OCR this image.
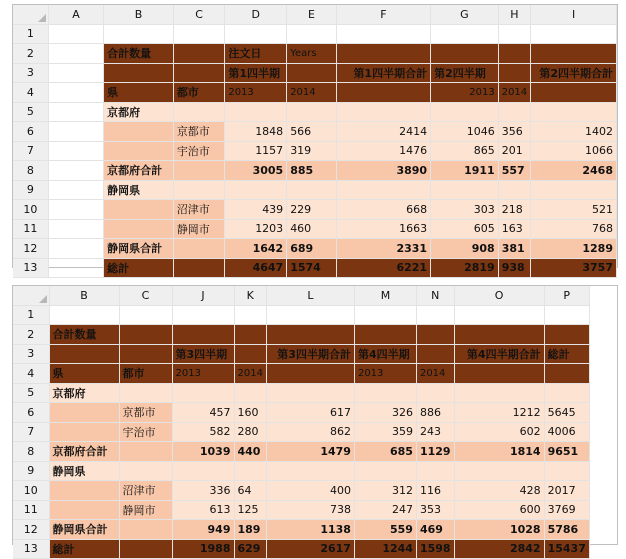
	A	B	C	D	E	F	G	H	I
1									
2		合計数量		注文日	Years				
3				第1四半期		第1四半期合計	第2四半期		第2四半期合計
4		県	都市	2013	2014		2013	2014	
5		京都府							
6			京都市	1848	566	2414	1046	356	1402
7			宇治市	1157	319	1476	865	201	1066
8		京都府合計		3005	885	3890	1911	557	2468
9		静岡県							
10			沼津市	439	229	668	303	218	521
11			静岡市	1203	460	1663	605	163	768
12		静岡県合計		1642	689	2331	908	381	1289
13		総計		4647	1574	6221	2819	938	3757
	B	C	J	K	L	M	N	O	P
1									
2	合計数量								
3			第3四半期		第3四半期合計	第4四半期		第4四半期合計	総計
4	県	都市	2013	2014		2013	2014		
5	京都府								
6		京都市	457	160	617	326	886	1212	5645
7		宇治市	582	280	862	359	243	602	4006
8	京都府合計		1039	440	1479	685	1129	1814	9651
9	静岡県								
10		沼津市	336	64	400	312	116	428	2017
11		静岡市	613	125	738	247	353	600	3769
12	静岡県合計		949	189	1138	559	469	1028	5786
13	総計		1988	629	2617	1244	1598	2842	15437
